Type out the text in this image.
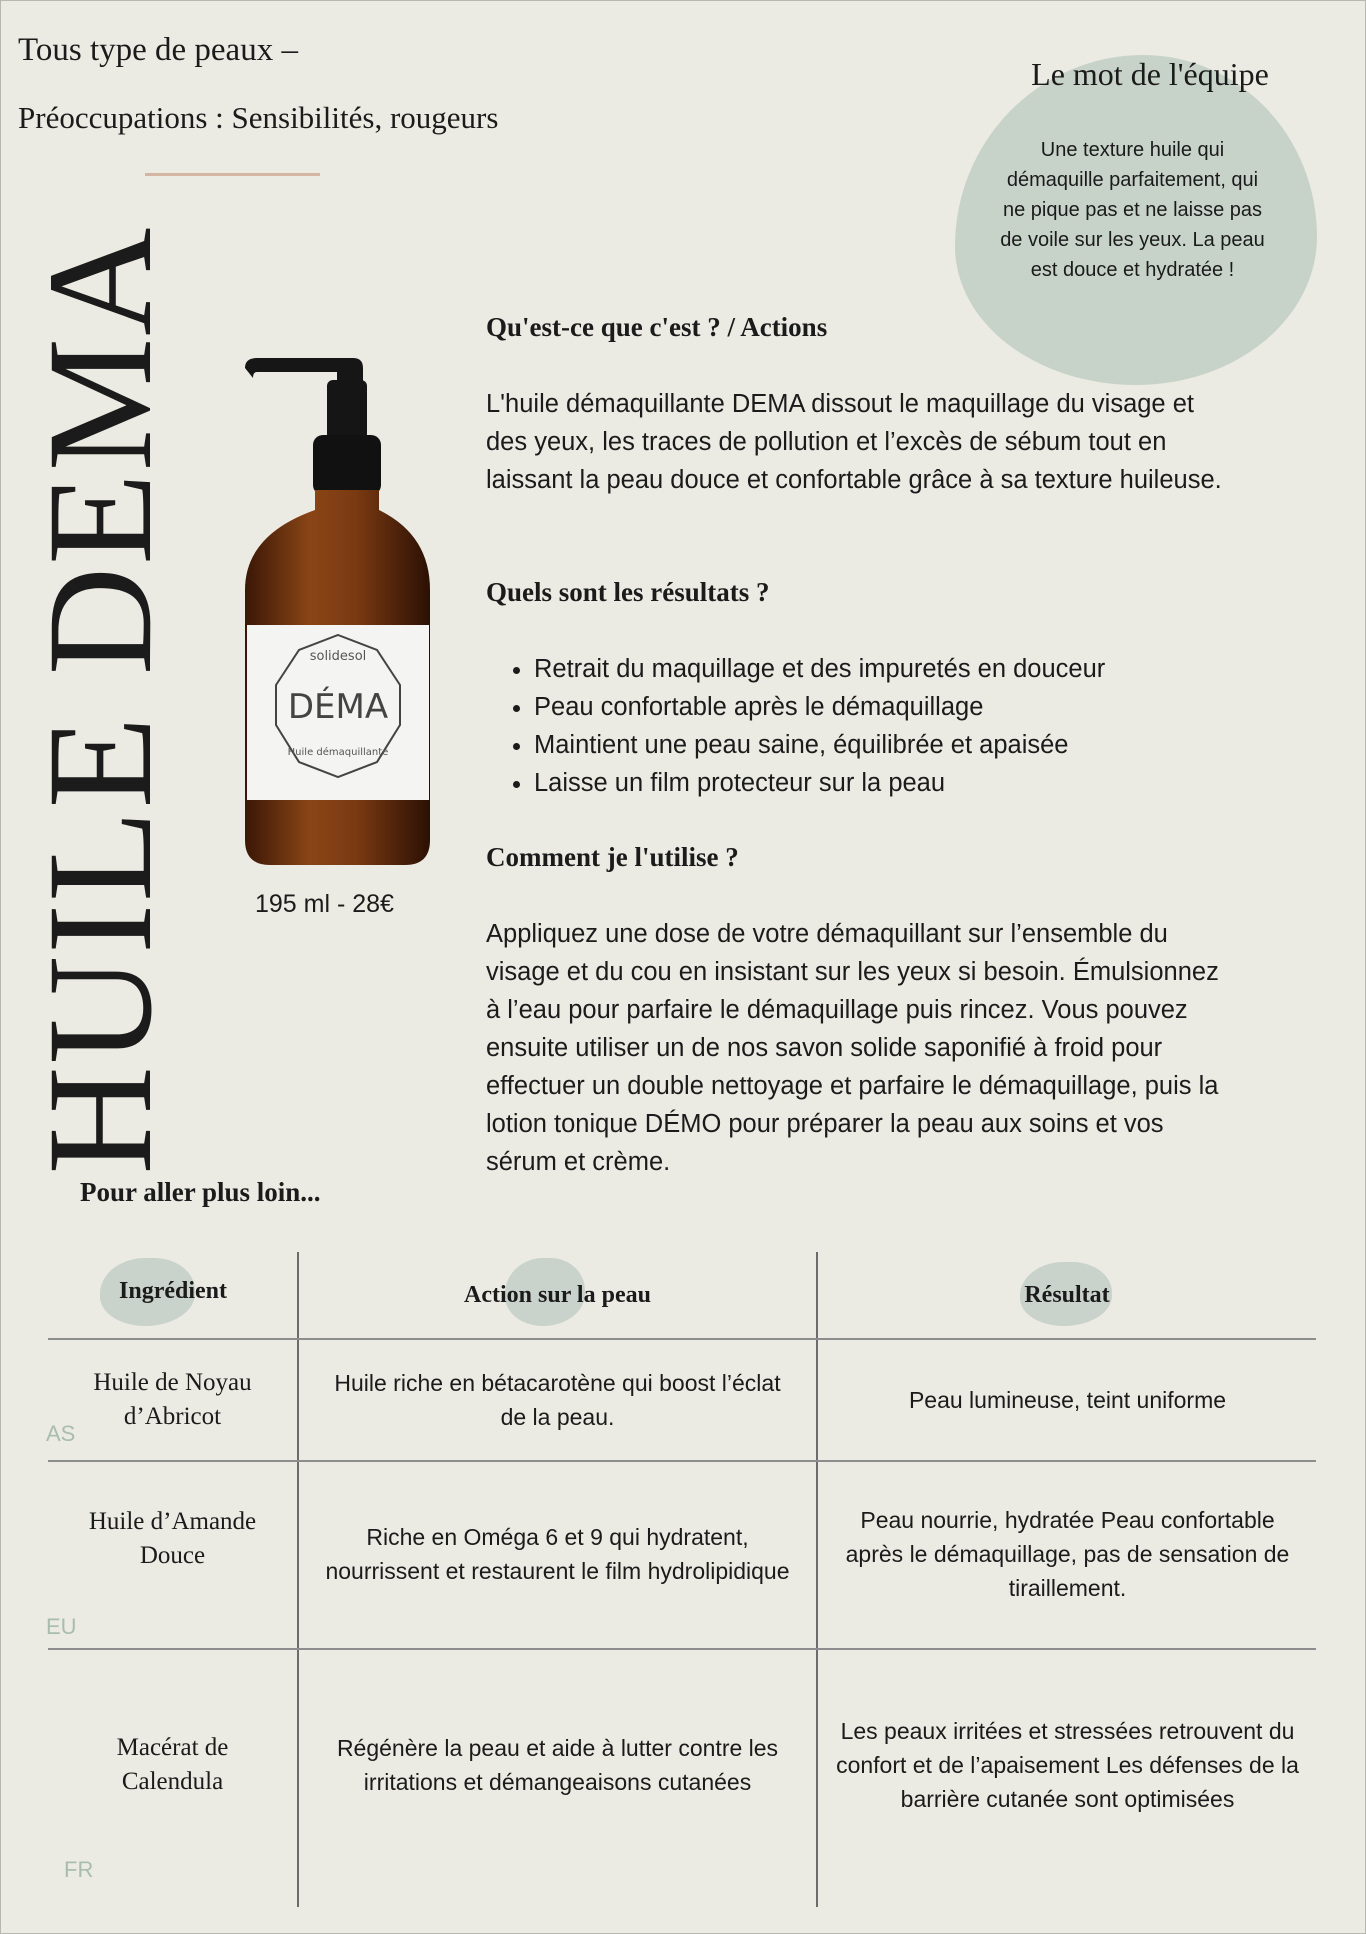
Tous type de peaux –
Préoccupations : Sensibilités, rougeurs
HUILE DEMA
Le mot de l'équipe
Une texture huile qui démaquille parfaitement, qui ne pique pas et ne laisse pas de voile sur les yeux. La peau est douce et hydratée !
solidesol
DÉMA
Huile démaquillante
195 ml - 28€
Qu'est-ce que c'est ? / Actions
L'huile démaquillante DEMA dissout le maquillage du visage et des yeux, les traces de pollution et l’excès de sébum tout en laissant la peau douce et confortable grâce à sa texture huileuse.
Quels sont les résultats ?
• Retrait du maquillage et des impuretés en douceur
• Peau confortable après le démaquillage
• Maintient une peau saine, équilibrée et apaisée
• Laisse un film protecteur sur la peau
Comment je l'utilise ?
Appliquez une dose de votre démaquillant sur l’ensemble du visage et du cou en insistant sur les yeux si besoin. Émulsionnez à l’eau pour parfaire le démaquillage puis rincez. Vous pouvez ensuite utiliser un de nos savon solide saponifié à froid pour effectuer un double nettoyage et parfaire le démaquillage, puis la lotion tonique DÉMO pour préparer la peau aux soins et vos sérum et crème.
Pour aller plus loin...
Ingrédient	Action sur la peau	Résultat
Huile de Noyau d’Abricot
AS
Huile riche en bétacarotène qui boost l’éclat de la peau.
Peau lumineuse, teint uniforme
Huile d’Amande Douce
EU
Riche en Oméga 6 et 9 qui hydratent, nourrissent et restaurent le film hydrolipidique
Peau nourrie, hydratée Peau confortable après le démaquillage, pas de sensation de tiraillement.
Macérat de Calendula
FR
Régénère la peau et aide à lutter contre les irritations et démangeaisons cutanées
Les peaux irritées et stressées retrouvent du confort et de l’apaisement Les défenses de la barrière cutanée sont optimisées
